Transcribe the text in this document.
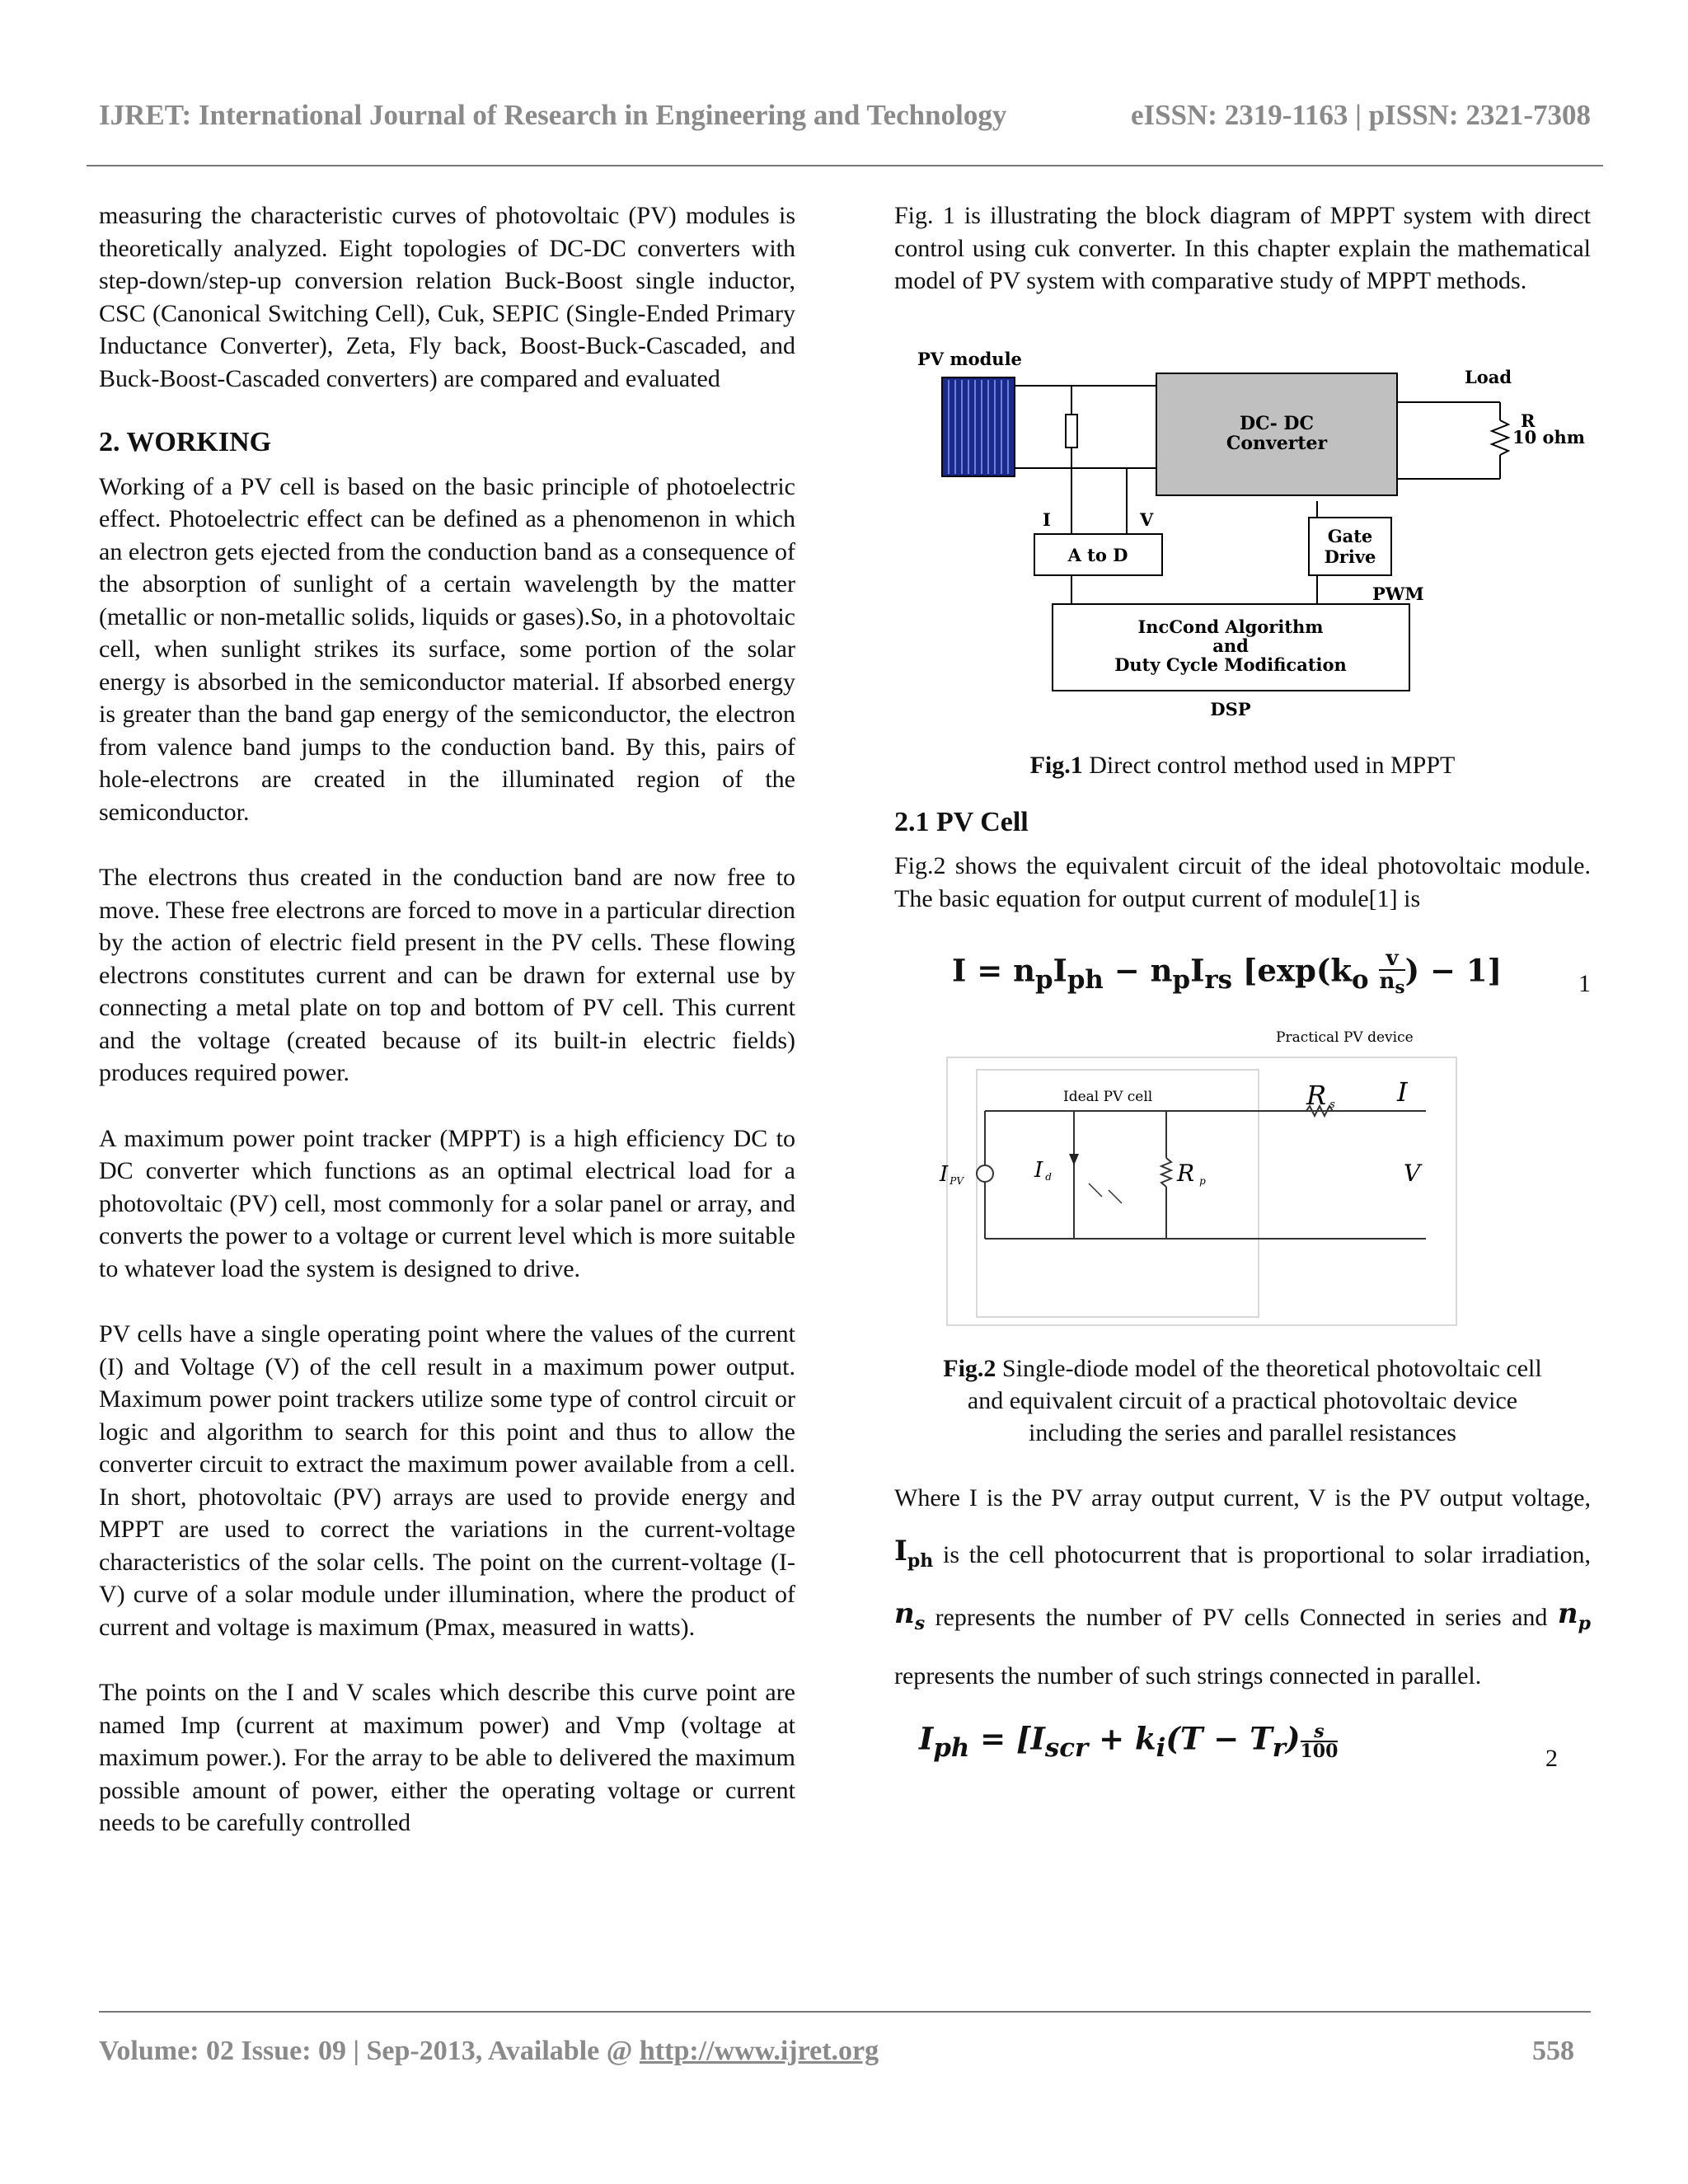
IJRET: International Journal of Research in Engineering and Technology	eISSN: 2319-1163 | pISSN: 2321-7308

measuring the characteristic curves of photovoltaic (PV) modules is theoretically analyzed. Eight topologies of DC-DC converters with step-down/step-up conversion relation Buck-Boost single inductor, CSC (Canonical Switching Cell), Cuk, SEPIC (Single-Ended Primary Inductance Converter), Zeta, Fly back, Boost-Buck-Cascaded, and Buck-Boost-Cascaded converters) are compared and evaluated

2. WORKING

Working of a PV cell is based on the basic principle of photoelectric effect. Photoelectric effect can be defined as a phenomenon in which an electron gets ejected from the conduction band as a consequence of the absorption of sunlight of a certain wavelength by the matter (metallic or non-metallic solids, liquids or gases).So, in a photovoltaic cell, when sunlight strikes its surface, some portion of the solar energy is absorbed in the semiconductor material. If absorbed energy is greater than the band gap energy of the semiconductor, the electron from valence band jumps to the conduction band. By this, pairs of hole-electrons are created in the illuminated region of the semiconductor.

The electrons thus created in the conduction band are now free to move. These free electrons are forced to move in a particular direction by the action of electric field present in the PV cells. These flowing electrons constitutes current and can be drawn for external use by connecting a metal plate on top and bottom of PV cell. This current and the voltage (created because of its built-in electric fields) produces required power.

A maximum power point tracker (MPPT) is a high efficiency DC to DC converter which functions as an optimal electrical load for a photovoltaic (PV) cell, most commonly for a solar panel or array, and converts the power to a voltage or current level which is more suitable to whatever load the system is designed to drive.

PV cells have a single operating point where the values of the current (I) and Voltage (V) of the cell result in a maximum power output. Maximum power point trackers utilize some type of control circuit or logic and algorithm to search for this point and thus to allow the converter circuit to extract the maximum power available from a cell. In short, photovoltaic (PV) arrays are used to provide energy and MPPT are used to correct the variations in the current-voltage characteristics of the solar cells. The point on the current-voltage (I-V) curve of a solar module under illumination, where the product of current and voltage is maximum (Pmax, measured in watts).

The points on the I and V scales which describe this curve point are named Imp (current at maximum power) and Vmp (voltage at maximum power.). For the array to be able to delivered the maximum possible amount of power, either the operating voltage or current needs to be carefully controlled

Fig. 1 is illustrating the block diagram of MPPT system with direct control using cuk converter. In this chapter explain the mathematical model of PV system with comparative study of MPPT methods.

PV module
DC- DC
Converter
Load
R
10 ohm
I	V
A to D
Gate
Drive
PWM
IncCond Algorithm
and
Duty Cycle Modification
DSP
Fig.1 Direct control method used in MPPT
2.1 PV Cell

Fig.2 shows the equivalent circuit of the ideal photovoltaic module. The basic equation for output current of module[1] is

$I = n_pI_{ph} - n_pI_{rs}$ [$\exp(k_o \frac{v}{n_s}$ ) − 1]	1
Practical PV device
Ideal PV cell	Rs I
IPV	Id	Rp	V
Fig.2 Single-diode model of the theoretical photovoltaic cell
and equivalent circuit of a practical photovoltaic device
including the series and parallel resistances

Where I is the PV array output current, V is the PV output voltage, $I_{ph}$ is the cell photocurrent that is proportional to solar irradiation, $n_s$ represents the number of PV cells Connected in series and $n_p$ represents the number of such strings connected in parallel.

$I_{ph} = [I_{scr} + k_i(T - T_r) \frac{s}{100}$	2
Volume: 02 Issue: 09 | Sep-2013, Available @ http://www.ijret.org	558
